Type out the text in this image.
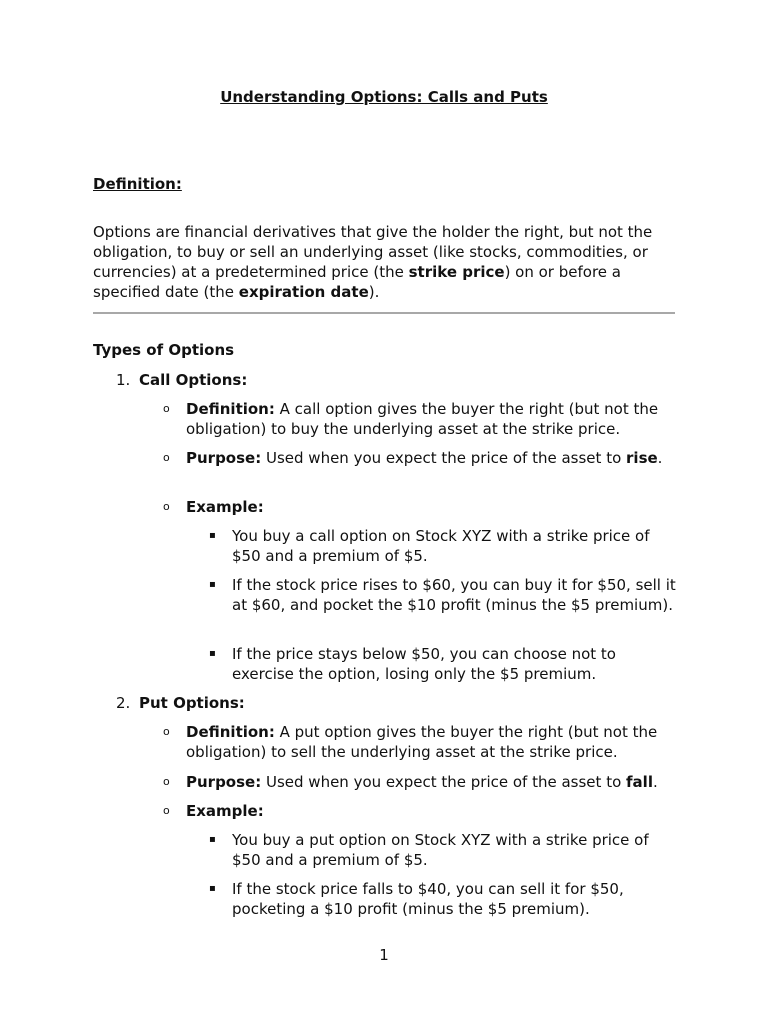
Understanding Options: Calls and Puts
Definition:
Options are financial derivatives that give the holder the right, but not the obligation, to buy or sell an underlying asset (like stocks, commodities, or currencies) at a predetermined price (the strike price) on or before a specified date (the expiration date).
Types of Options
1. Call Options:
o Definition: A call option gives the buyer the right (but not the obligation) to buy the underlying asset at the strike price.
o Purpose: Used when you expect the price of the asset to rise.
o Example:
▪ You buy a call option on Stock XYZ with a strike price of $50 and a premium of $5.
▪ If the stock price rises to $60, you can buy it for $50, sell it at $60, and pocket the $10 profit (minus the $5 premium).
▪ If the price stays below $50, you can choose not to exercise the option, losing only the $5 premium.
2. Put Options:
o Definition: A put option gives the buyer the right (but not the obligation) to sell the underlying asset at the strike price.
o Purpose: Used when you expect the price of the asset to fall.
o Example:
▪ You buy a put option on Stock XYZ with a strike price of $50 and a premium of $5.
▪ If the stock price falls to $40, you can sell it for $50, pocketing a $10 profit (minus the $5 premium).
1
